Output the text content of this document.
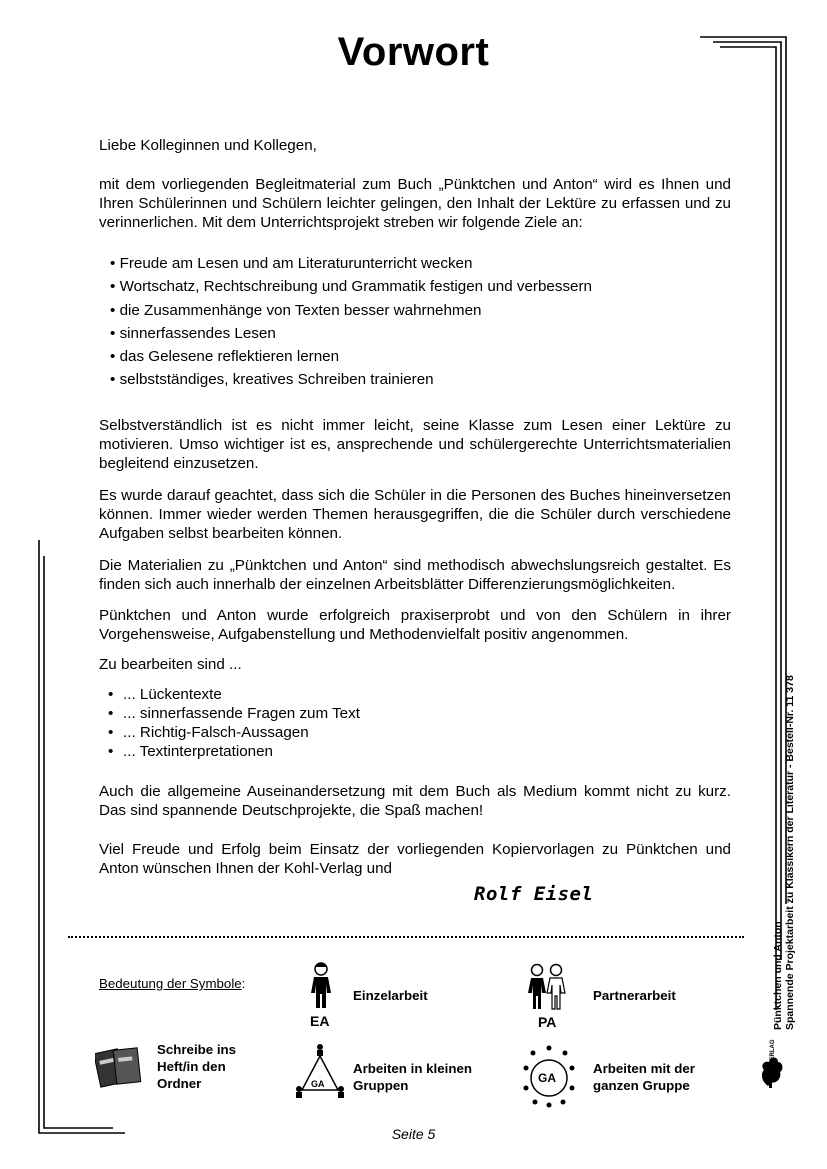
Vorwort

Liebe Kolleginnen und Kollegen,

mit dem vorliegenden Begleitmaterial zum Buch „Pünktchen und Anton“ wird es Ihnen und Ihren Schülerinnen und Schülern leichter gelingen, den Inhalt der Lektüre zu erfassen und zu verinnerlichen. Mit dem Unterrichtsprojekt streben wir folgende Ziele an:

• Freude am Lesen und am Literaturunterricht wecken
• Wortschatz, Rechtschreibung und Grammatik festigen und verbessern
• die Zusammenhänge von Texten besser wahrnehmen
• sinnerfassendes Lesen
• das Gelesene reflektieren lernen
• selbstständiges, kreatives Schreiben trainieren

Selbstverständlich ist es nicht immer leicht, seine Klasse zum Lesen einer Lektüre zu motivieren. Umso wichtiger ist es, ansprechende und schülergerechte Unterrichtsmaterialien begleitend einzusetzen.

Es wurde darauf geachtet, dass sich die Schüler in die Personen des Buches hineinversetzen können. Immer wieder werden Themen herausgegriffen, die die Schüler durch verschiedene Aufgaben selbst bearbeiten können.

Die Materialien zu „Pünktchen und Anton“ sind methodisch abwechslungsreich gestaltet. Es finden sich auch innerhalb der einzelnen Arbeitsblätter Differenzierungsmöglichkeiten.

Pünktchen und Anton wurde erfolgreich praxiserprobt und von den Schülern in ihrer Vorgehensweise, Aufgabenstellung und Methodenvielfalt positiv angenommen.

Zu bearbeiten sind ...

• ... Lückentexte
• ... sinnerfassende Fragen zum Text
• ... Richtig-Falsch-Aussagen
• ... Textinterpretationen

Auch die allgemeine Auseinandersetzung mit dem Buch als Medium kommt nicht zu kurz. Das sind spannende Deutschprojekte, die Spaß machen!

Viel Freude und Erfolg beim Einsatz der vorliegenden Kopiervorlagen zu Pünktchen und Anton wünschen Ihnen der Kohl-Verlag und

Rolf Eisel
Bedeutung der Symbole:
EA
Einzelarbeit
PA
Partnerarbeit
Schreibe ins Heft/in den Ordner	GA
Arbeiten in kleinen Gruppen	GA
Arbeiten mit der ganzen Gruppe
Pünktchen und Anton Spannende Projektarbeit zu Klassikern der Literatur - Bestell-Nr. 11 378
KOHL VERLAG
Seite 5
